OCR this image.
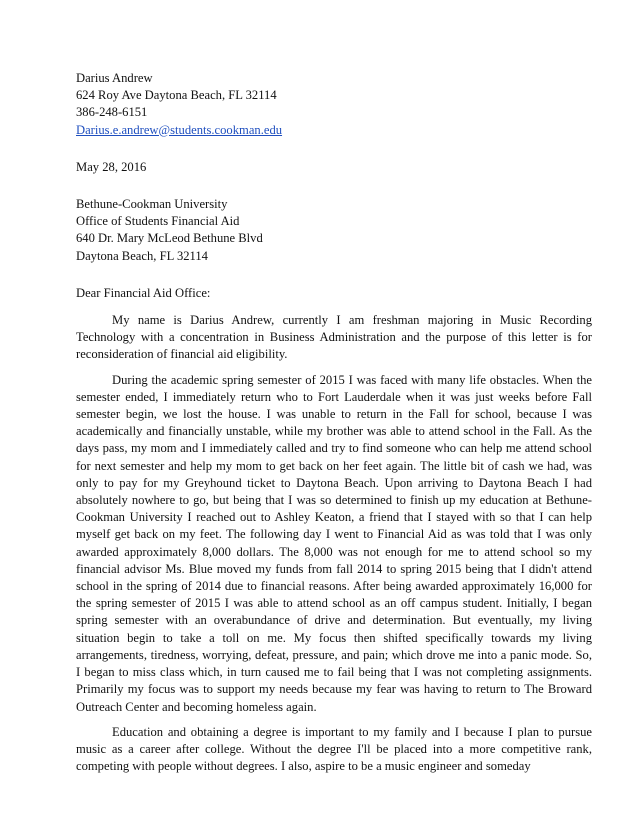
Darius Andrew
624 Roy Ave Daytona Beach, FL 32114
386-248-6151
Darius.e.andrew@students.cookman.edu
May 28, 2016
Bethune-Cookman University
Office of Students Financial Aid
640 Dr. Mary McLeod Bethune Blvd
Daytona Beach, FL 32114
Dear Financial Aid Office:

My name is Darius Andrew, currently I am freshman majoring in Music Recording Technology with a concentration in Business Administration and the purpose of this letter is for reconsideration of financial aid eligibility.

During the academic spring semester of 2015 I was faced with many life obstacles. When the semester ended, I immediately return who to Fort Lauderdale when it was just weeks before Fall semester begin, we lost the house. I was unable to return in the Fall for school, because I was academically and financially unstable, while my brother was able to attend school in the Fall. As the days pass, my mom and I immediately called and try to find someone who can help me attend school for next semester and help my mom to get back on her feet again. The little bit of cash we had, was only to pay for my Greyhound ticket to Daytona Beach. Upon arriving to Daytona Beach I had absolutely nowhere to go, but being that I was so determined to finish up my education at Bethune-Cookman University I reached out to Ashley Keaton, a friend that I stayed with so that I can help myself get back on my feet. The following day I went to Financial Aid as was told that I was only awarded approximately 8,000 dollars. The 8,000 was not enough for me to attend school so my financial advisor Ms. Blue moved my funds from fall 2014 to spring 2015 being that I didn't attend school in the spring of 2014 due to financial reasons. After being awarded approximately 16,000 for the spring semester of 2015 I was able to attend school as an off campus student. Initially, I began spring semester with an overabundance of drive and determination. But eventually, my living situation begin to take a toll on me. My focus then shifted specifically towards my living arrangements, tiredness, worrying, defeat, pressure, and pain; which drove me into a panic mode. So, I began to miss class which, in turn caused me to fail being that I was not completing assignments. Primarily my focus was to support my needs because my fear was having to return to The Broward Outreach Center and becoming homeless again.

Education and obtaining a degree is important to my family and I because I plan to pursue music as a career after college. Without the degree I'll be placed into a more competitive rank, competing with people without degrees. I also, aspire to be a music engineer and someday
